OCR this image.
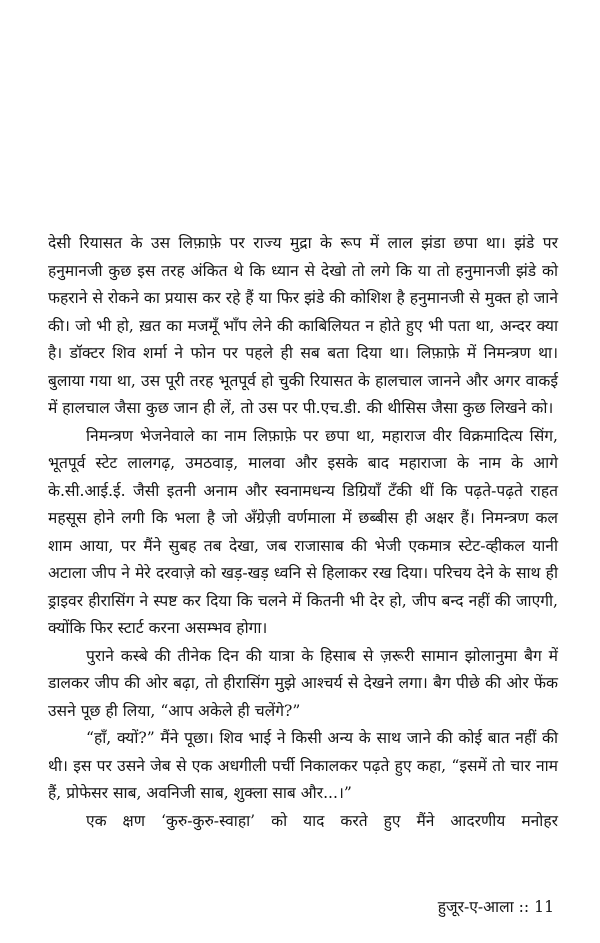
देसी रियासत के उस लिफ़ाफ़े पर राज्य मुद्रा के रूप में लाल झंडा छपा था। झंडे पर हनुमानजी कुछ इस तरह अंकित थे कि ध्यान से देखो तो लगे कि या तो हनुमानजी झंडे को फहराने से रोकने का प्रयास कर रहे हैं या फिर झंडे की कोशिश है हनुमानजी से मुक्त हो जाने की। जो भी हो, ख़त का मजमूँ भाँप लेने की काबिलियत न होते हुए भी पता था, अन्दर क्या है। डॉक्टर शिव शर्मा ने फोन पर पहले ही सब बता दिया था। लिफ़ाफ़े में निमन्त्रण था। बुलाया गया था, उस पूरी तरह भूतपूर्व हो चुकी रियासत के हालचाल जानने और अगर वाकई में हालचाल जैसा कुछ जान ही लें, तो उस पर पी.एच.डी. की थीसिस जैसा कुछ लिखने को।

निमन्त्रण भेजनेवाले का नाम लिफ़ाफ़े पर छपा था, महाराज वीर विक्रमादित्य सिंग, भूतपूर्व स्टेट लालगढ़, उमठवाड़, मालवा और इसके बाद महाराजा के नाम के आगे के.सी.आई.ई. जैसी इतनी अनाम और स्वनामधन्य डिग्रियाँ टँकी थीं कि पढ़ते-पढ़ते राहत महसूस होने लगी कि भला है जो अँग्रेज़ी वर्णमाला में छब्बीस ही अक्षर हैं। निमन्त्रण कल शाम आया, पर मैंने सुबह तब देखा, जब राजासाब की भेजी एकमात्र स्टेट-व्हीकल यानी अटाला जीप ने मेरे दरवाज़े को खड़-खड़ ध्वनि से हिलाकर रख दिया। परिचय देने के साथ ही ड्राइवर हीरासिंग ने स्पष्ट कर दिया कि चलने में कितनी भी देर हो, जीप बन्द नहीं की जाएगी, क्योंकि फिर स्टार्ट करना असम्भव होगा।

पुराने कस्बे की तीनेक दिन की यात्रा के हिसाब से ज़रूरी सामान झोलानुमा बैग में डालकर जीप की ओर बढ़ा, तो हीरासिंग मुझे आश्चर्य से देखने लगा। बैग पीछे की ओर फेंक उसने पूछ ही लिया, “आप अकेले ही चलेंगे?”

“हाँ, क्यों?” मैंने पूछा। शिव भाई ने किसी अन्य के साथ जाने की कोई बात नहीं की थी। इस पर उसने जेब से एक अधगीली पर्ची निकालकर पढ़ते हुए कहा, “इसमें तो चार नाम हैं, प्रोफेसर साब, अवनिजी साब, शुक्ला साब और...।”

एक क्षण ‘कुरु-कुरु-स्वाहा’ को याद करते हुए मैंने आदरणीय मनोहर

हुजूर-ए-आला :: 11
